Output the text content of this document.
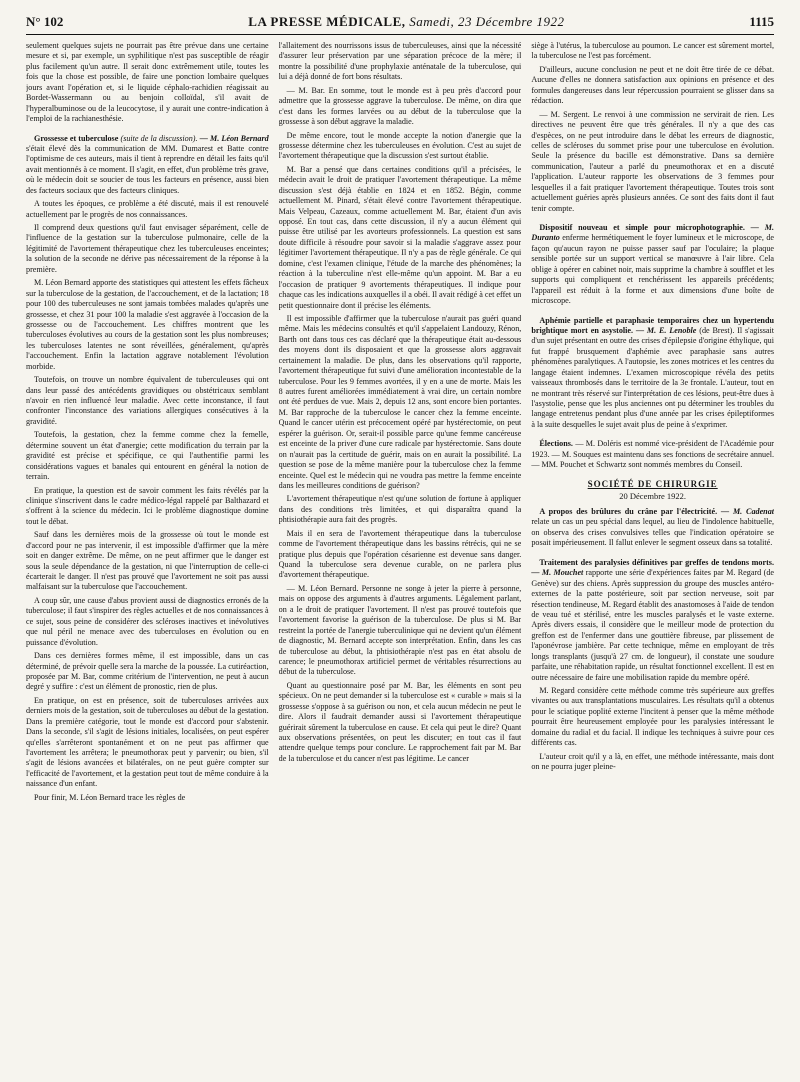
N° 102	LA PRESSE MÉDICALE, Samedi, 23 Décembre 1922	1115

seulement quelques sujets ne pourrait pas être prévue dans une certaine mesure et si, par exemple, un syphilitique n'est pas susceptible de réagir plus facilement qu'un autre. Il serait donc extrêmement utile, toutes les fois que la chose est possible, de faire une ponction lombaire quelques jours avant l'opération et, si le liquide céphalo-rachidien réagissait au Bordet-Wassermann ou au benjoin colloïdal, s'il avait de l'hyperalbuminose ou de la leucocytose, il y aurait une contre-indication à l'emploi de la rachianesthésie.

Grossesse et tuberculose (suite de la discussion). — M. Léon Bernard s'était élevé dès la communication de MM. Dumarest et Batte contre l'optimisme de ces auteurs, mais il tient à reprendre en détail les faits qu'il avait mentionnés à ce moment. Il s'agit, en effet, d'un problème très grave, où le médecin doit se soucier de tous les facteurs en présence, aussi bien des facteurs sociaux que des facteurs cliniques.

A toutes les époques, ce problème a été discuté, mais il est renouvelé actuellement par le progrès de nos connaissances.

Il comprend deux questions qu'il faut envisager séparément, celle de l'influence de la gestation sur la tuberculose pulmonaire, celle de la légitimité de l'avortement thérapeutique chez les tuberculeuses enceintes; la solution de la seconde ne dérive pas nécessairement de la réponse à la première.

M. Léon Bernard apporte des statistiques qui attestent les effets fâcheux sur la tuberculose de la gestation, de l'accouchement, et de la lactation; 18 pour 100 des tuberculeuses ne sont jamais tombées malades qu'après une grossesse, et chez 31 pour 100 la maladie s'est aggravée à l'occasion de la grossesse ou de l'accouchement. Les chiffres montrent que les tuberculoses évolutives au cours de la gestation sont les plus nombreuses; les tuberculoses latentes ne sont réveillées, généralement, qu'après l'accouchement. Enfin la lactation aggrave notablement l'évolution morbide.

Toutefois, on trouve un nombre équivalent de tuberculeuses qui ont dans leur passé des antécédents gravidiques ou obstétricaux semblant n'avoir en rien influencé leur maladie. Avec cette inconstance, il faut confronter l'inconstance des variations allergiques consécutives à la gravidité.

Toutefois, la gestation, chez la femme comme chez la femelle, détermine souvent un état d'anergie; cette modification du terrain par la gravidité est précise et spécifique, ce qui l'authentifie parmi les considérations vagues et banales qui entourent en général la notion de terrain.

En pratique, la question est de savoir comment les faits révélés par la clinique s'inscrivent dans le cadre médico-légal rappelé par Balthazard et s'offrent à la science du médecin. Ici le problème diagnostique domine tout le débat.

Sauf dans les dernières mois de la grossesse où tout le monde est d'accord pour ne pas intervenir, il est impossible d'affirmer que la mère soit en danger extrême. De même, on ne peut affirmer que le danger est sous la seule dépendance de la gestation, ni que l'interruption de celle-ci écarterait le danger. Il n'est pas prouvé que l'avortement ne soit pas aussi malfaisant sur la tuberculose que l'accouchement.

A coup sûr, une cause d'abus provient aussi de diagnostics erronés de la tuberculose; il faut s'inspirer des règles actuelles et de nos connaissances à ce sujet, sous peine de considérer des scléroses inactives et inévolutives que nul péril ne menace avec des tuberculoses en évolution ou en puissance d'évolution.

Dans ces dernières formes même, il est impossible, dans un cas déterminé, de prévoir quelle sera la marche de la poussée. La cutiréaction, proposée par M. Bar, comme critérium de l'intervention, ne peut à aucun degré y suffire : c'est un élément de pronostic, rien de plus.

En pratique, on est en présence, soit de tuberculoses arrivées aux derniers mois de la gestation, soit de tuberculoses au début de la gestation. Dans la première catégorie, tout le monde est d'accord pour s'abstenir. Dans la seconde, s'il s'agit de lésions initiales, localisées, on peut espérer qu'elles s'arrêteront spontanément et on ne peut pas affirmer que l'avortement les arrêtera; le pneumothorax peut y parvenir; ou bien, s'il s'agit de lésions avancées et bilatérales, on ne peut guère compter sur l'efficacité de l'avortement, et la gestation peut tout de même conduire à la naissance d'un enfant.

Pour finir, M. Léon Bernard trace les règles de

l'allaitement des nourrissons issus de tuberculeuses, ainsi que la nécessité d'assurer leur préservation par une séparation précoce de la mère; il montre la possibilité d'une prophylaxie anténatale de la tuberculose, qui lui a déjà donné de fort bons résultats.

— M. Bar. En somme, tout le monde est à peu près d'accord pour admettre que la grossesse aggrave la tuberculose. De même, on dira que c'est dans les formes larvées ou au début de la tuberculose que la grossesse à son début aggrave la maladie.

De même encore, tout le monde accepte la notion d'anergie que la grossesse détermine chez les tuberculeuses en évolution. C'est au sujet de l'avortement thérapeutique que la discussion s'est surtout établie.

M. Bar a pensé que dans certaines conditions qu'il a précisées, le médecin avait le droit de pratiquer l'avortement thérapeutique. La même discussion s'est déjà établie en 1824 et en 1852. Bégin, comme actuellement M. Pinard, s'était élevé contre l'avortement thérapeutique. Mais Velpeau, Cazeaux, comme actuellement M. Bar, étaient d'un avis opposé. En tout cas, dans cette discussion, il n'y a aucun élément qui puisse être utilisé par les avorteurs professionnels. La question est sans doute difficile à résoudre pour savoir si la maladie s'aggrave assez pour légitimer l'avortement thérapeutique. Il n'y a pas de règle générale. Ce qui domine, c'est l'examen clinique, l'étude de la marche des phénomènes; la réaction à la tuberculine n'est elle-même qu'un appoint. M. Bar a eu l'occasion de pratiquer 9 avortements thérapeutiques. Il indique pour chaque cas les indications auxquelles il a obéi. Il avait rédigé à cet effet un petit questionnaire dont il précise les éléments.

Il est impossible d'affirmer que la tuberculose n'aurait pas guéri quand même. Mais les médecins consultés et qu'il s'appelaient Landouzy, Rénon, Barth ont dans tous ces cas déclaré que la thérapeutique était au-dessous des moyens dont ils disposaient et que la grossesse alors aggravait certainement la maladie. De plus, dans les observations qu'il rapporte, l'avortement thérapeutique fut suivi d'une amélioration incontestable de la tuberculose. Pour les 9 femmes avortées, il y en a une de morte. Mais les 8 autres furent améliorées immédiatement à vrai dire, un certain nombre ont été perdues de vue. Mais 2, depuis 12 ans, sont encore bien portantes. M. Bar rapproche de la tuberculose le cancer chez la femme enceinte. Quand le cancer utérin est précocement opéré par hystérectomie, on peut espérer la guérison. Or, serait-il possible parce qu'une femme cancéreuse est enceinte de la priver d'une cure radicale par hystérectomie. Sans doute on n'aurait pas la certitude de guérir, mais on en aurait la possibilité. La question se pose de la même manière pour la tuberculose chez la femme enceinte. Quel est le médecin qui ne voudra pas mettre la femme enceinte dans les meilleures conditions de guérison?

L'avortement thérapeutique n'est qu'une solution de fortune à appliquer dans des conditions très limitées, et qui disparaîtra quand la phtisiothérapie aura fait des progrès.

Mais il en sera de l'avortement thérapeutique dans la tuberculose comme de l'avortement thérapeutique dans les bassins rétrécis, qui ne se pratique plus depuis que l'opération césarienne est devenue sans danger. Quand la tuberculose sera devenue curable, on ne parlera plus d'avortement thérapeutique.

— M. Léon Bernard. Personne ne songe à jeter la pierre à personne, mais on oppose des arguments à d'autres arguments. Légalement parlant, on a le droit de pratiquer l'avortement. Il n'est pas prouvé toutefois que l'avortement favorise la guérison de la tuberculose. De plus si M. Bar restreint la portée de l'anergie tuberculinique qui ne devient qu'un élément de diagnostic, M. Bernard accepte son interprétation. Enfin, dans les cas de tuberculose au début, la phtisiothérapie n'est pas en état absolu de carence; le pneumothorax artificiel permet de véritables résurrections au début de la tuberculose.

Quant au questionnaire posé par M. Bar, les éléments en sont peu spécieux. On ne peut demander si la tuberculose est « curable » mais si la grossesse s'oppose à sa guérison ou non, et cela aucun médecin ne peut le dire. Alors il faudrait demander aussi si l'avortement thérapeutique guérirait sûrement la tuberculose en cause. Et cela qui peut le dire? Quant aux observations présentées, on peut les discuter; en tout cas il faut attendre quelque temps pour conclure. Le rapprochement fait par M. Bar de la tuberculose et du cancer n'est pas légitime. Le cancer

siège à l'utérus, la tuberculose au poumon. Le cancer est sûrement mortel, la tuberculose ne l'est pas forcément.

D'ailleurs, aucune conclusion ne peut et ne doit être tirée de ce débat. Aucune d'elles ne donnera satisfaction aux opinions en présence et des formules dangereuses dans leur répercussion pourraient se glisser dans sa rédaction.

— M. Sergent. Le renvoi à une commission ne servirait de rien. Les directives ne peuvent être que très générales. Il n'y a que des cas d'espèces, on ne peut introduire dans le débat les erreurs de diagnostic, celles de scléroses du sommet prise pour une tuberculose en évolution. Seule la présence du bacille est démonstrative. Dans sa dernière communication, l'auteur a parlé du pneumothorax et en a discuté l'application. L'auteur rapporte les observations de 3 femmes pour lesquelles il a fait pratiquer l'avortement thérapeutique. Toutes trois sont actuellement guéries après plusieurs années. Ce sont des faits dont il faut tenir compte.

Dispositif nouveau et simple pour microphotographie. — M. Duranto enferme hermétiquement le foyer lumineux et le microscope, de façon qu'aucun rayon ne puisse passer sauf par l'oculaire; la plaque sensible portée sur un support vertical se manœuvre à l'air libre. Cela oblige à opérer en cabinet noir, mais supprime la chambre à soufflet et les supports qui compliquent et renchérissent les appareils précédents; l'appareil est réduit à la forme et aux dimensions d'une boîte de microscope.

Aphémie partielle et paraphasie temporaires chez un hypertendu brightique mort en asystolie. — M. E. Lenoble (de Brest). Il s'agissait d'un sujet présentant en outre des crises d'épilepsie d'origine éthylique, qui fut frappé brusquement d'aphémie avec paraphasie sans autres phénomènes paralytiques. A l'autopsie, les zones motrices et les centres du langage étaient indemnes. L'examen microscopique révéla des petits vaisseaux thrombosés dans le territoire de la 3e frontale. L'auteur, tout en ne montrant très réservé sur l'interprétation de ces lésions, peut-être dues à l'asystolie, pense que les plus anciennes ont pu déterminer les troubles du langage entretenus pendant plus d'une année par les crises épileptiformes à la suite desquelles le sujet avait plus de peine à s'exprimer.

Élections. — M. Doléris est nommé vice-président de l'Académie pour 1923. — M. Souques est maintenu dans ses fonctions de secrétaire annuel. — MM. Pouchet et Schwartz sont nommés membres du Conseil.

SOCIÉTÉ DE CHIRURGIE
20 Décembre 1922.

A propos des brûlures du crâne par l'électricité. — M. Cadenat relate un cas un peu spécial dans lequel, au lieu de l'indolence habituelle, on observa des crises convulsives telles que l'indication opératoire se posait impérieusement. Il fallut enlever le segment osseux dans sa totalité.

Traitement des paralysies définitives par greffes de tendons morts. — M. Mouchet rapporte une série d'expériences faites par M. Regard (de Genève) sur des chiens. Après suppression du groupe des muscles antéro-externes de la patte postérieure, soit par section nerveuse, soit par résection tendineuse, M. Regard établit des anastomoses à l'aide de tendon de veau tué et stérilisé, entre les muscles paralysés et le vaste externe. Après divers essais, il considère que le meilleur mode de protection du greffon est de l'enfermer dans une gouttière fibreuse, par plissement de l'aponévrose jambière. Par cette technique, même en employant de très longs transplants (jusqu'à 27 cm. de longueur), il constate une soudure parfaite, une réhabitation rapide, un résultat fonctionnel excellent. Il est en outre nécessaire de faire une mobilisation rapide du membre opéré.

M. Regard considère cette méthode comme très supérieure aux greffes vivantes ou aux transplantations musculaires. Les résultats qu'il a obtenus pour le sciatique poplité externe l'incitent à penser que la même méthode pourrait être heureusement employée pour les paralysies intéressant le domaine du radial et du facial. Il indique les techniques à suivre pour ces différents cas.

L'auteur croit qu'il y a là, en effet, une méthode intéressante, mais dont on ne pourra juger pleine-
